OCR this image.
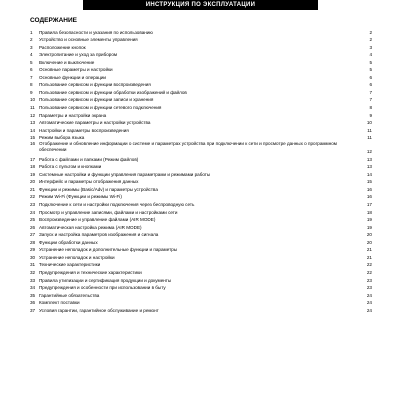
ИНСТРУКЦИЯ ПО ЭКСПЛУАТАЦИИ
СОДЕРЖАНИЕ
1	Правила безопасности и указания по использованию	2
2	Устройство и основные элементы управления	2
3	Расположение кнопок	3
4	Электропитание и уход за прибором	4
5	Включение и выключение	5
6	Основные параметры и настройки	5
7	Основные функции и операции	6
8	Пользование сервисом и функции воспроизведения	6
9	Пользование сервисом и функции обработки изображений и файлов	7
10 Пользование сервисом и функции записи и хранения	7
11 Пользование сервисом и функции сетевого подключения	8
12 Параметры и настройки экрана	9
13 Автоматические параметры и настройки устройства	10
14 Настройки и параметры воспроизведения	11
15 Режим выбора языка	11
16 Отображение и обновление информации о системе и параметрах устройства при подключении к сети и просмотре данных о программном обеспечении	12
17 Работа с файлами и папками (Режим файлов)	13
18 Работа с пультом и кнопками	13
19 Системные настройки и функции управления параметрами и режимами работы	14
20 Интерфейс и параметры отображения данных	15
21 Функции и режимы (Basic/Adv) и параметры устройства	16
22 Режим Wi-Fi (Функции и режимы Wi-Fi)	16
23 Подключение к сети и настройки подключения через беспроводную сеть	17
24 Просмотр и управление записями, файлами и настройками сети	18
25 Воспроизведение и управление файлами (AIR MODE)	19
26 Автоматическая настройка режима (AIR MODE)	19
27 Запуск и настройка параметров изображения и сигнала	20
28 Функции обработки данных	20
29 Устранение неполадок и дополнительные функции и параметры	21
30 Устранение неполадок и настройки	21
31 Технические характеристики	22
32 Предупреждения и технические характеристики	22
33 Правила утилизации и сертификация продукции и документы	23
34 Предупреждения и особенности при использовании в быту	23
35 Гарантийные обязательства	24
36 Комплект поставки	24
37 Условия гарантии, гарантийное обслуживание и ремонт	24
